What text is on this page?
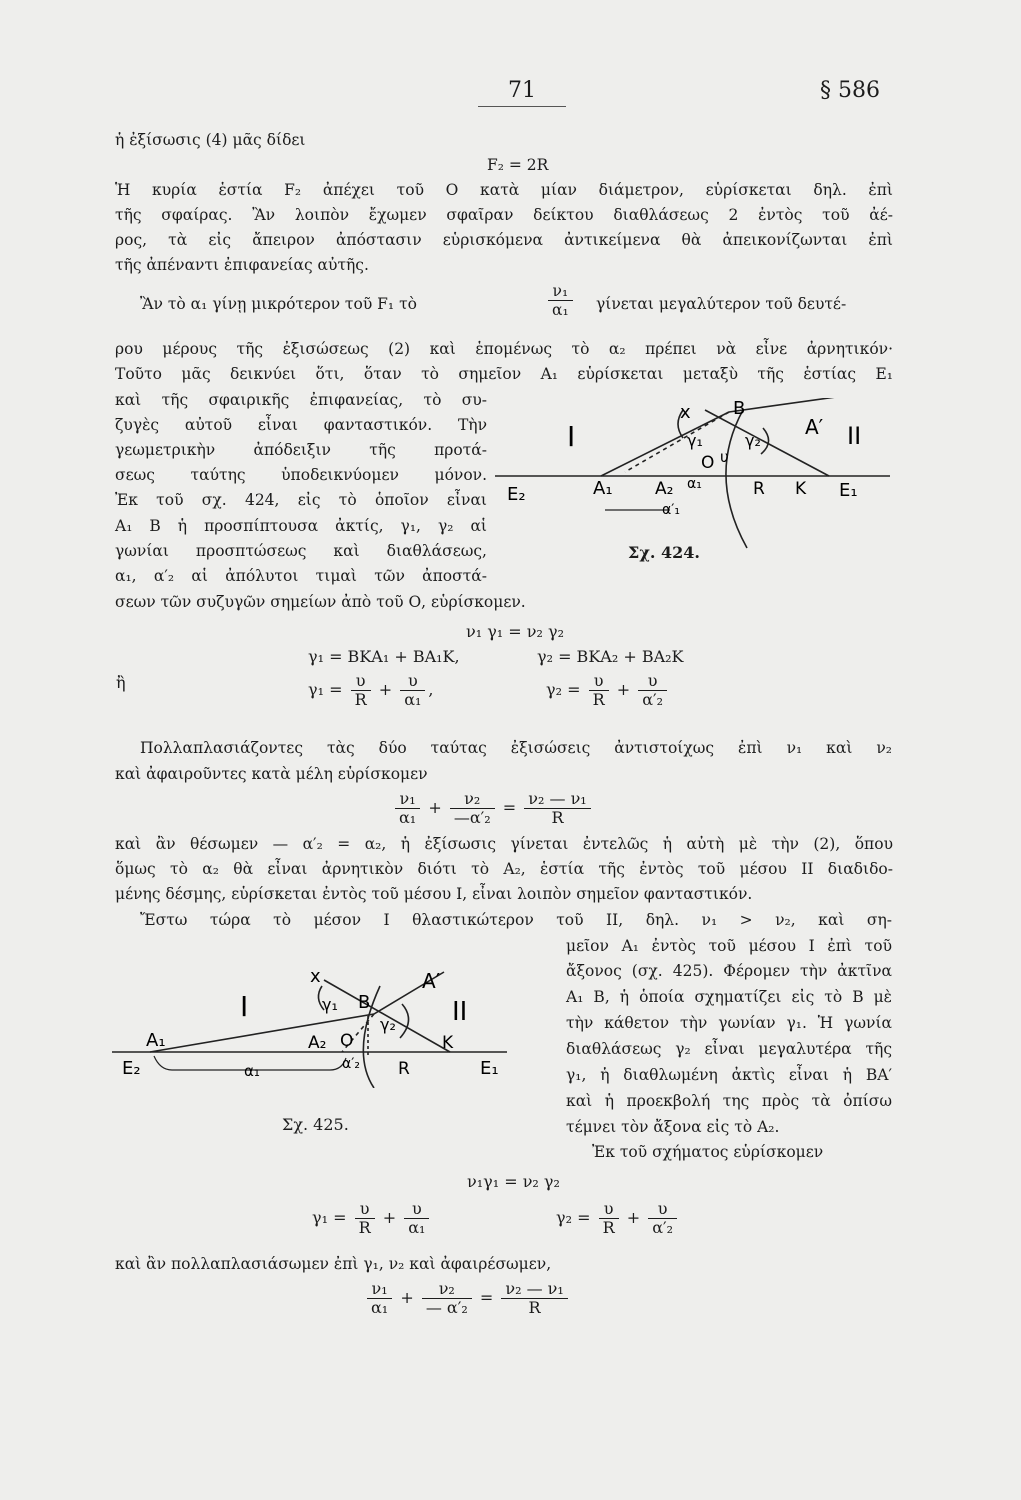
71	§ 586
ἡ ἐξίσωσις (4) μᾶς δίδει
F₂ = 2R
Ἡ κυρία ἑστία F₂ ἀπέχει τοῦ Ο κατὰ μίαν διάμετρον, εὑρίσκεται δηλ. ἐπὶ
τῆς σφαίρας. Ἂν λοιπὸν ἔχωμεν σφαῖραν δείκτου διαθλάσεως 2 ἐντὸς τοῦ ἀέ-
ρος, τὰ εἰς ἄπειρον ἀπόστασιν εὑρισκόμενα ἀντικείμενα θὰ ἀπεικονίζωνται ἐπὶ
τῆς ἀπέναντι ἐπιφανείας αὐτῆς.
Ἂν τὸ α₁ γίνῃ μικρότερον τοῦ F₁ τὸ	$\frac{\text{ν₁}}{\text{α₁}}$ γίνεται μεγαλύτερον τοῦ δευτέ-
ρου μέρους τῆς ἐξισώσεως (2) καὶ ἑπομένως τὸ α₂ πρέπει νὰ εἶνε ἀρνητικόν·
Τοῦτο μᾶς δεικνύει ὅτι, ὅταν τὸ σημεῖον Α₁ εὑρίσκεται μεταξὺ τῆς ἑστίας Ε₁
καὶ τῆς σφαιρικῆς ἐπιφανείας, τὸ συ-
ζυγὲς αὐτοῦ εἶναι φανταστικόν. Τὴν
γεωμετρικὴν ἀπόδειξιν τῆς προτά-
σεως ταύτης ὑποδεικνύομεν μόνον.
Ἐκ τοῦ σχ. 424, εἰς τὸ ὁποῖον εἶναι
Α₁ Β ἡ προσπίπτουσα ἀκτίς, γ₁, γ₂ αἱ
γωνίαι προσπτώσεως καὶ διαθλάσεως,
α₁, α′₂ αἱ ἀπόλυτοι τιμαὶ τῶν ἀποστά-
σεων τῶν συζυγῶν σημείων ἀπὸ τοῦ Ο, εὑρίσκομεν.
I	II
x B
A′
γ₁	γ₂
υ
O
E₂	A₁ A₂ α₁	R K E₁
α′₁
Σχ. 424.
ν₁ γ₁ = ν₂ γ₂
γ₁ = ΒΚΑ₁ + ΒΑ₁Κ,	γ₂ = ΒΚΑ₂ + ΒΑ₂Κ
ἢ	$\gamma_1 = \frac{\upsilon}{R} + \frac{\upsilon}{\text{α₁}}$ ,	$\gamma_2 = \frac{\upsilon}{R} + \frac{\upsilon}{\text{α′₂}}$
Πολλαπλασιάζοντες τὰς δύο ταύτας ἐξισώσεις ἀντιστοίχως ἐπὶ ν₁ καὶ ν₂
καὶ ἀφαιροῦντες κατὰ μέλη εὑρίσκομεν
$\frac{\text{ν₁}}{\text{α₁}} + \frac{\text{ν₂}}{\text{—α′₂}} = \frac{\text{ν₂ — ν₁}}{R}$
καὶ ἂν θέσωμεν — α′₂ = α₂, ἡ ἐξίσωσις γίνεται ἐντελῶς ἡ αὐτὴ μὲ τὴν (2), ὅπου
ὅμως τὸ α₂ θὰ εἶναι ἀρνητικὸν διότι τὸ Α₂, ἑστία τῆς ἐντὸς τοῦ μέσου ΙΙ διαδιδο-
μένης δέσμης, εὑρίσκεται ἐντὸς τοῦ μέσου Ι, εἶναι λοιπὸν σημεῖον φανταστικόν.
Ἔστω τώρα τὸ μέσον Ι θλαστικώτερον τοῦ ΙΙ, δηλ. ν₁ > ν₂, καὶ ση-
μεῖον Α₁ ἐντὸς τοῦ μέσου Ι ἐπὶ τοῦ
ἄξονος (σχ. 425). Φέρομεν τὴν ἀκτῖνα
Α₁ Β, ἡ ὁποία σχηματίζει εἰς τὸ Β μὲ
τὴν κάθετον τὴν γωνίαν γ₁. Ἡ γωνία
διαθλάσεως γ₂ εἶναι μεγαλυτέρα τῆς
γ₁, ἡ διαθλωμένη ἀκτὶς εἶναι ἡ ΒΑ′
καὶ ἡ προεκβολή της πρὸς τὰ ὀπίσω
τέμνει τὸν ἄξονα εἰς τὸ Α₂.
Ἐκ τοῦ σχήματος εὑρίσκομεν
I	II
x
γ₁
γ₂
B
A′
A₁	A₂ O	K
E₂	α₁	α′₂ R	E₁
Σχ. 425.
ν₁γ₁ = ν₂ γ₂
$\gamma_1 = \frac{\upsilon}{R} + \frac{\upsilon}{\text{α₁}}$	$\gamma_2 = \frac{\upsilon}{R} + \frac{\upsilon}{\text{α′₂}}$
καὶ ἂν πολλαπλασιάσωμεν ἐπὶ γ₁, ν₂ καὶ ἀφαιρέσωμεν,
$\frac{\text{ν₁}}{\text{α₁}} + \frac{\text{ν₂}}{\text{— α′₂}} = \frac{\text{ν₂ — ν₁}}{R}$
